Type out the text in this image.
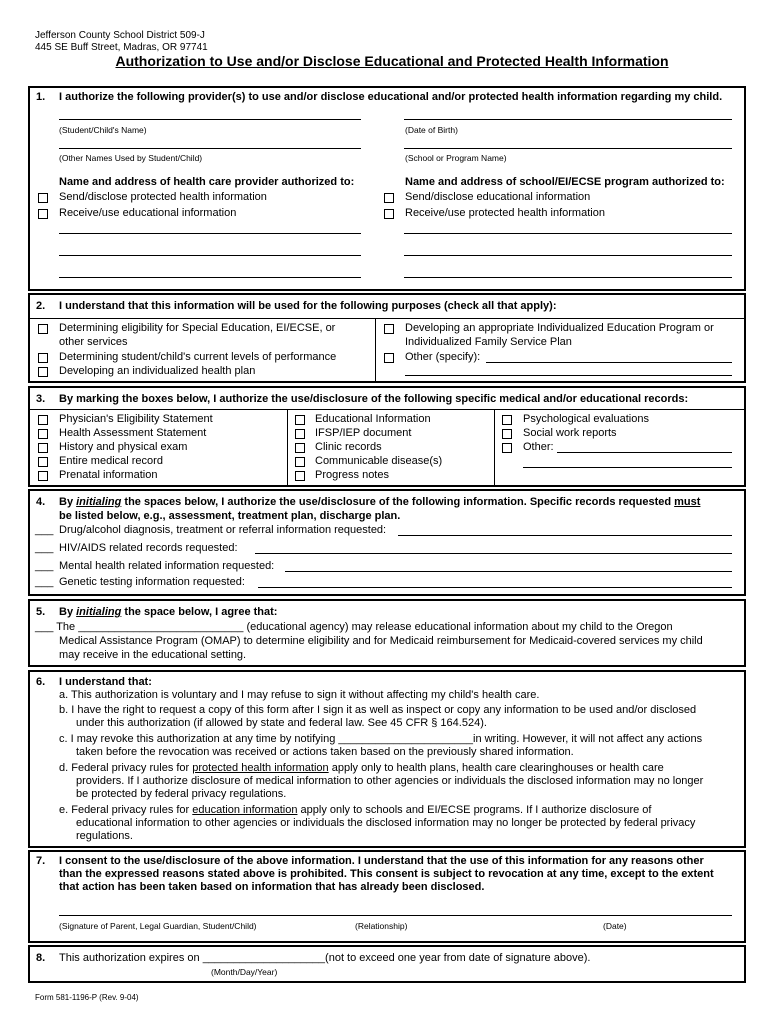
Jefferson County School District 509-J
445 SE Buff Street, Madras, OR 97741
Authorization to Use and/or Disclose Educational and Protected Health Information
1. I authorize the following provider(s) to use and/or disclose educational and/or protected health information regarding my child.
(Student/Child's Name)	(Date of Birth)
(Other Names Used by Student/Child)	(School or Program Name)
Name and address of health care provider authorized to:
Send/disclose protected health information
Receive/use educational information
Name and address of school/EI/ECSE program authorized to:
Send/disclose educational information
Receive/use protected health information
2. I understand that this information will be used for the following purposes (check all that apply):
Determining eligibility for Special Education, EI/ECSE, or
other services
Determining student/child's current levels of performance
Developing an individualized health plan
Developing an appropriate Individualized Education Program or
Individualized Family Service Plan
Other (specify):
3. By marking the boxes below, I authorize the use/disclosure of the following specific medical and/or educational records:
Physician's Eligibility Statement
Health Assessment Statement
History and physical exam
Entire medical record
Prenatal information
Educational Information
IFSP/IEP document
Clinic records
Communicable disease(s)
Progress notes
Psychological evaluations
Social work reports
Other:
4. By initialing the spaces below, I authorize the use/disclosure of the following information. Specific records requested must
be listed below, e.g., assessment, treatment plan, discharge plan.
___ Drug/alcohol diagnosis, treatment or referral information requested:
___ HIV/AIDS related records requested:
___ Mental health related information requested:
___ Genetic testing information requested:
5. By initialing the space below, I agree that:
___ The ___________________________ (educational agency) may release educational information about my child to the Oregon
Medical Assistance Program (OMAP) to determine eligibility and for Medicaid reimbursement for Medicaid-covered services my child
may receive in the educational setting.
6. I understand that:
a. This authorization is voluntary and I may refuse to sign it without affecting my child's health care.
b. I have the right to request a copy of this form after I sign it as well as inspect or copy any information to be used and/or disclosed
under this authorization (if allowed by state and federal law. See 45 CFR § 164.524).
c. I may revoke this authorization at any time by notifying ______________________in writing. However, it will not affect any actions
taken before the revocation was received or actions taken based on the previously shared information.
d. Federal privacy rules for protected health information apply only to health plans, health care clearinghouses or health care
providers. If I authorize disclosure of medical information to other agencies or individuals the disclosed information may no longer
be protected by federal privacy regulations.
e. Federal privacy rules for education information apply only to schools and EI/ECSE programs. If I authorize disclosure of
educational information to other agencies or individuals the disclosed information may no longer be protected by federal privacy
regulations.
7. I consent to the use/disclosure of the above information. I understand that the use of this information for any reasons other
than the expressed reasons stated above is prohibited. This consent is subject to revocation at any time, except to the extent
that action has been taken based on information that has already been disclosed.
(Signature of Parent, Legal Guardian, Student/Child)	(Relationship)	(Date)
8. This authorization expires on ____________________(not to exceed one year from date of signature above).
(Month/Day/Year)
Form 581-1196-P (Rev. 9-04)
